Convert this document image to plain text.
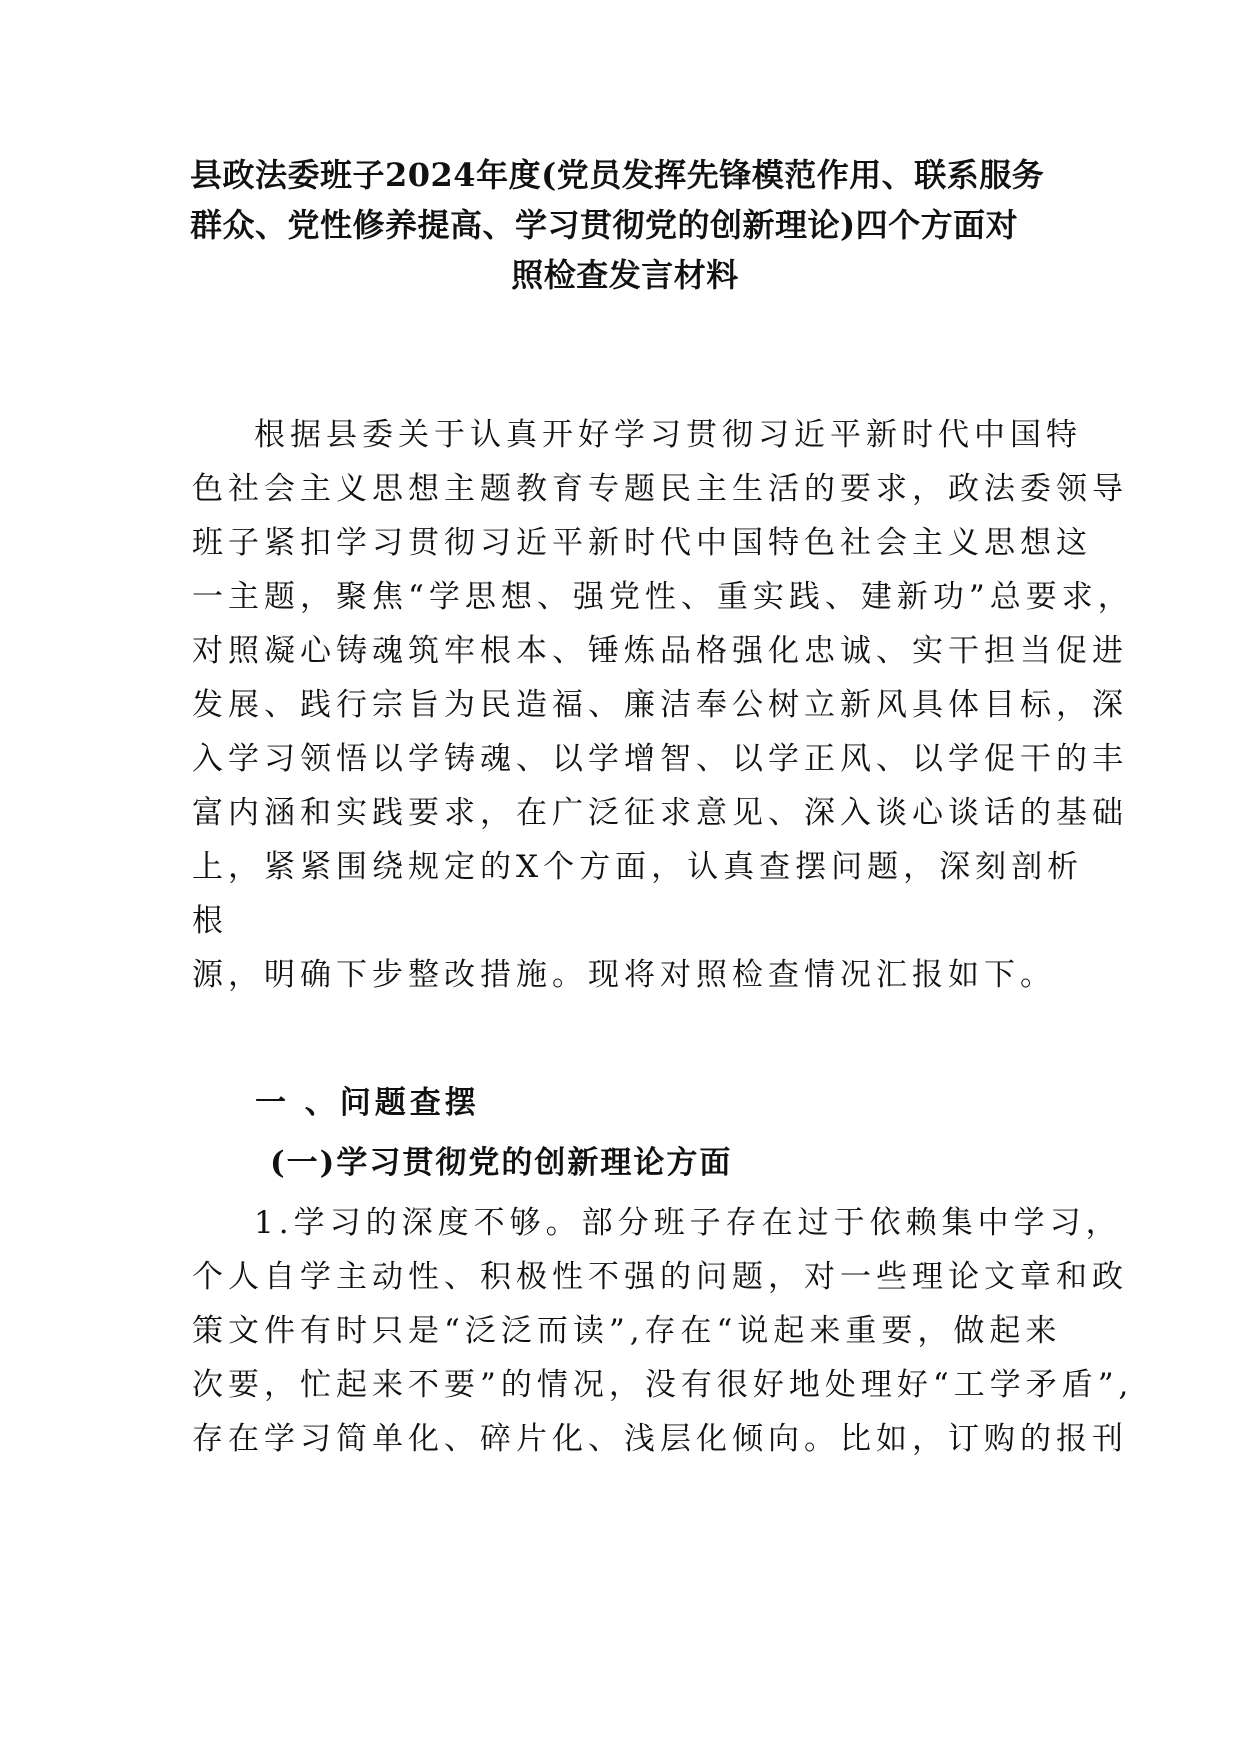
县政法委班子2024年度(党员发挥先锋模范作用、联系服务
群众、党性修养提高、学习贯彻党的创新理论)四个方面对
照检查发言材料
根据县委关于认真开好学习贯彻习近平新时代中国特
色社会主义思想主题教育专题民主生活的要求，政法委领导
班子紧扣学习贯彻习近平新时代中国特色社会主义思想这
一主题，聚焦“学思想、强党性、重实践、建新功”总要求，
对照凝心铸魂筑牢根本、锤炼品格强化忠诚、实干担当促进
发展、践行宗旨为民造福、廉洁奉公树立新风具体目标，深
入学习领悟以学铸魂、以学增智、以学正风、以学促干的丰
富内涵和实践要求，在广泛征求意见、深入谈心谈话的基础
上，紧紧围绕规定的X个方面，认真查摆问题，深刻剖析
根
源，明确下步整改措施。现将对照检查情况汇报如下。
一 、问题查摆
(一)学习贯彻党的创新理论方面
1.学习的深度不够。部分班子存在过于依赖集中学习，
个人自学主动性、积极性不强的问题，对一些理论文章和政
策文件有时只是“泛泛而读”,存在“说起来重要，做起来
次要，忙起来不要”的情况，没有很好地处理好“工学矛盾”,
存在学习简单化、碎片化、浅层化倾向。比如，订购的报刊
